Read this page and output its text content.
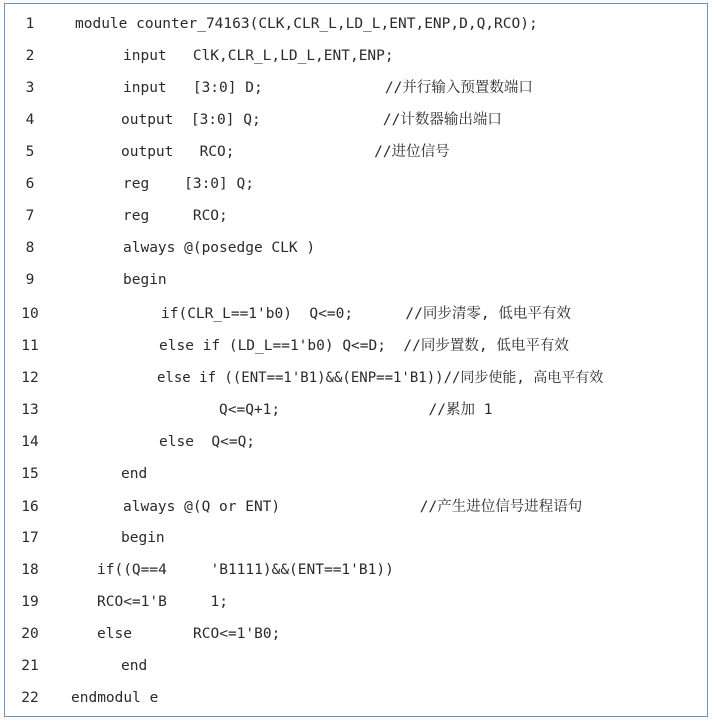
1	module counter_74163(CLK,CLR_L,LD_L,ENT,ENP,D,Q,RCO);
2	input   ClK,CLR_L,LD_L,ENT,ENP;
3	input   [3:0] D;              //并行输入预置数端口
4	output  [3:0] Q;              //计数器输出端口
5	output   RCO;                //进位信号
6	reg    [3:0] Q;
7	reg     RCO;
8	always @(posedge CLK )
9	begin
10	if(CLR_L==1'b0)  Q<=0;      //同步清零, 低电平有效
11	else if (LD_L==1'b0) Q<=D;  //同步置数, 低电平有效
12	else if ((ENT==1'B1)&&(ENP==1'B1))//同步使能, 高电平有效
13	Q<=Q+1;                 //累加 1
14	else  Q<=Q;
15	end
16	always @(Q or ENT)                //产生进位信号进程语句
17	begin
18	if((Q==4     'B1111)&&(ENT==1'B1))
19	RCO<=1'B     1;
20	else       RCO<=1'B0;
21	end
22	endmodul e
